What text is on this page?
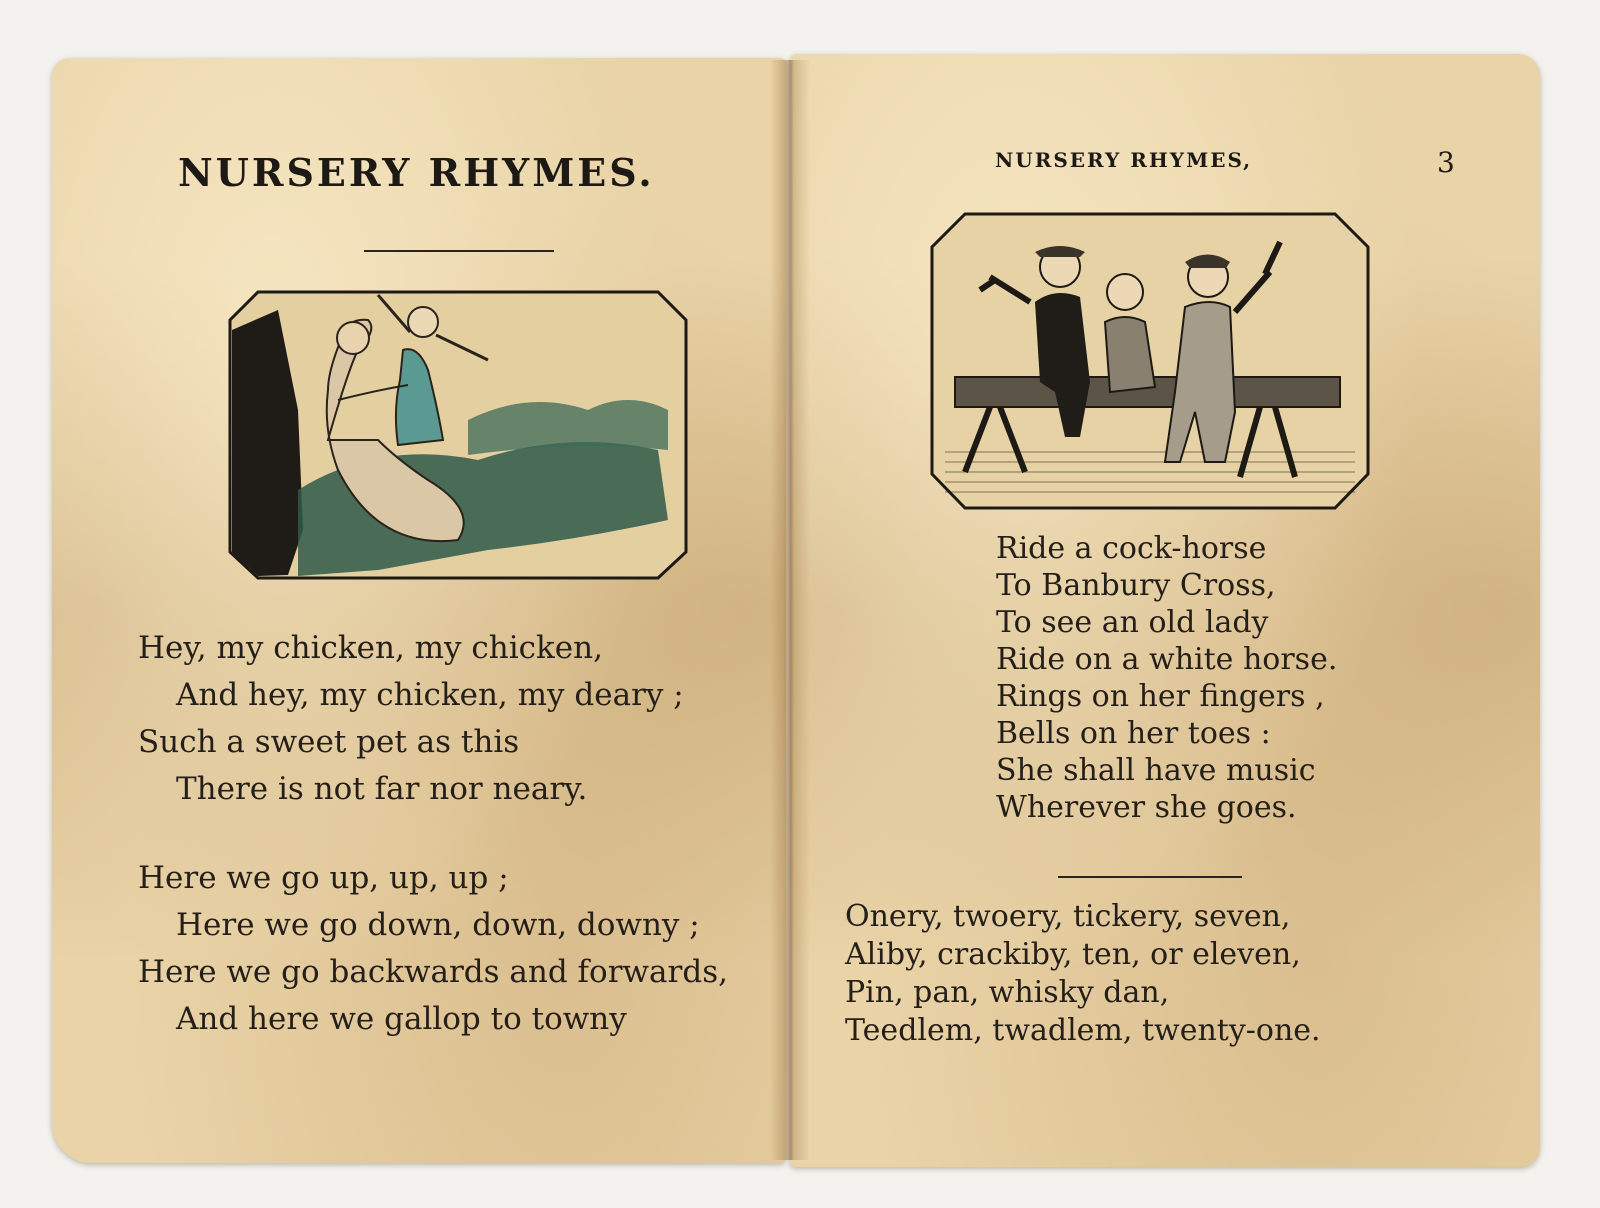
NURSERY RHYMES.
Hey, my chicken, my chicken,
And hey, my chicken, my deary ;
Such a sweet pet as this
There is not far nor neary.
Here we go up, up, up ;
Here we go down, down, downy ;
Here we go backwards and forwards,
And here we gallop to towny
NURSERY RHYMES,	3
Ride a cock-horse
To Banbury Cross,
To see an old lady
Ride on a white horse.
Rings on her fingers ,
Bells on her toes :
She shall have music
Wherever she goes.
Onery, twoery, tickery, seven,
Aliby, crackiby, ten, or eleven,
Pin, pan, whisky dan,
Teedlem, twadlem, twenty-one.
